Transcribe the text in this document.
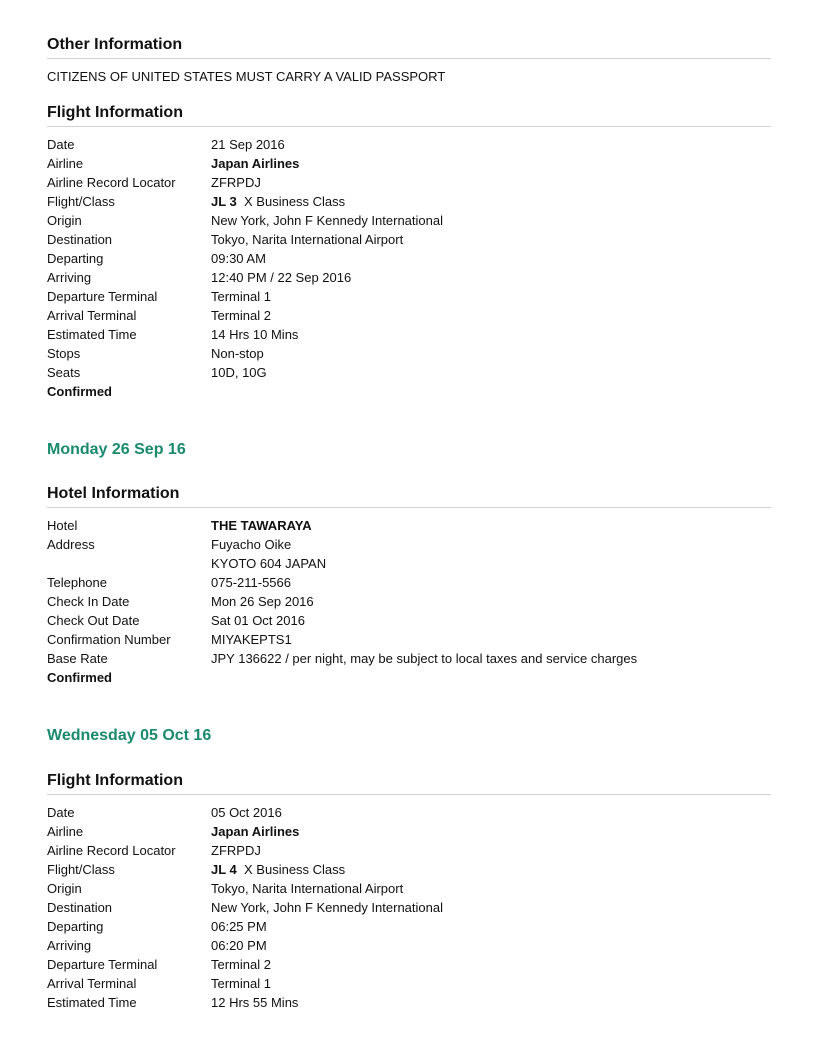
Other Information
CITIZENS OF UNITED STATES MUST CARRY A VALID PASSPORT
Flight Information
Date	21 Sep 2016
Airline	Japan Airlines
Airline Record Locator	ZFRPDJ
Flight/Class	JL 3 X Business Class
Origin	New York, John F Kennedy International
Destination	Tokyo, Narita International Airport
Departing	09:30 AM
Arriving	12:40 PM / 22 Sep 2016
Departure Terminal	Terminal 1
Arrival Terminal	Terminal 2
Estimated Time	14 Hrs 10 Mins
Stops	Non-stop
Seats	10D, 10G
Confirmed
Monday 26 Sep 16
Hotel Information
Hotel	THE TAWARAYA
Address	Fuyacho Oike
KYOTO 604 JAPAN
Telephone	075-211-5566
Check In Date	Mon 26 Sep 2016
Check Out Date	Sat 01 Oct 2016
Confirmation Number	MIYAKEPTS1
Base Rate	JPY 136622 / per night, may be subject to local taxes and service charges
Confirmed
Wednesday 05 Oct 16
Flight Information
Date	05 Oct 2016
Airline	Japan Airlines
Airline Record Locator	ZFRPDJ
Flight/Class	JL 4 X Business Class
Origin	Tokyo, Narita International Airport
Destination	New York, John F Kennedy International
Departing	06:25 PM
Arriving	06:20 PM
Departure Terminal	Terminal 2
Arrival Terminal	Terminal 1
Estimated Time	12 Hrs 55 Mins
